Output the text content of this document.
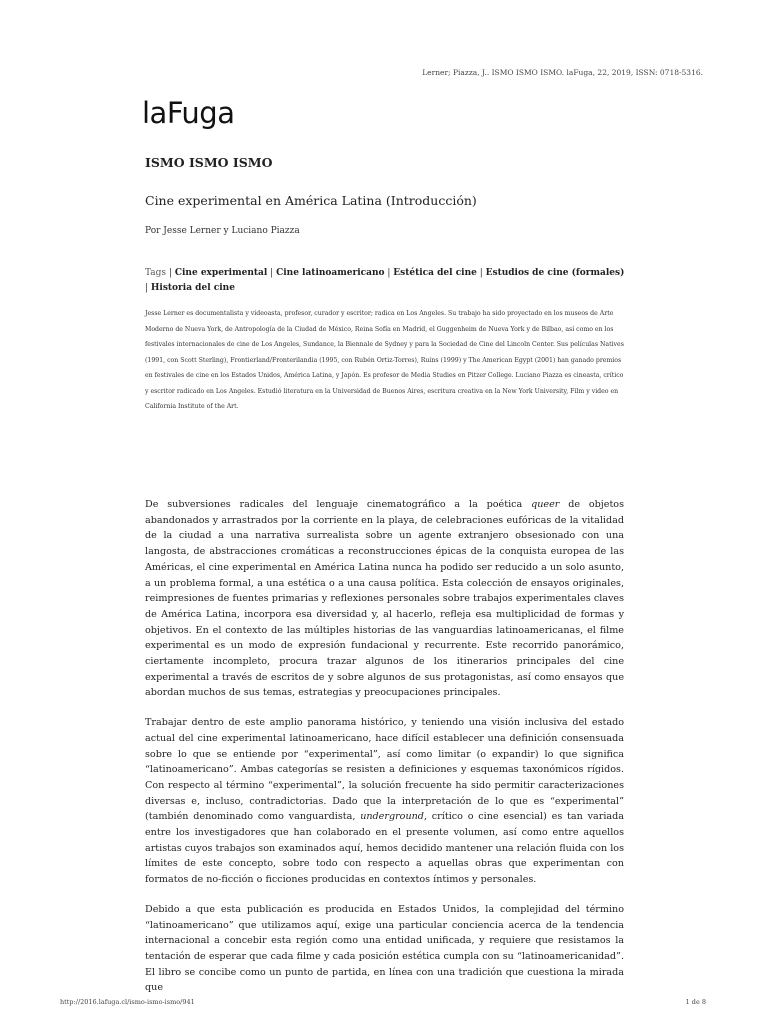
Lerner; Piazza, J.. ISMO ISMO ISMO. laFuga, 22, 2019, ISSN: 0718-5316.
laFuga
ISMO ISMO ISMO
Cine experimental en América Latina (Introducción)
Por Jesse Lerner y Luciano Piazza
Tags | Cine experimental | Cine latinoamericano | Estética del cine | Estudios de cine (formales) | Historia del cine
Jesse Lerner es documentalista y videoasta, profesor, curador y escritor; radica en Los Angeles. Su trabajo ha sido proyectado en los museos de Arte Moderno de Nueva York, de Antropología de la Ciudad de México, Reina Sofía en Madrid, el Guggenheim de Nueva York y de Bilbao, así como en los festivales internacionales de cine de Los Angeles, Sundance, la Biennale de Sydney y para la Sociedad de Cine del Lincoln Center. Sus películas Natives (1991, con Scott Sterling), Frontierland/Fronterilandia (1995, con Rubén Ortiz-Torres), Ruins (1999) y The American Egypt (2001) han ganado premios en festivales de cine en los Estados Unidos, América Latina, y Japón. Es profesor de Media Studies en Pitzer College. Luciano Piazza es cineasta, crítico y escritor radicado en Los Angeles. Estudió literatura en la Universidad de Buenos Aires, escritura creativa en la New York University, Film y video en California Institute of the Art.

De subversiones radicales del lenguaje cinematográfico a la poética queer de objetos abandonados y arrastrados por la corriente en la playa, de celebraciones eufóricas de la vitalidad de la ciudad a una narrativa surrealista sobre un agente extranjero obsesionado con una langosta, de abstracciones cromáticas a reconstrucciones épicas de la conquista europea de las Américas, el cine experimental en América Latina nunca ha podido ser reducido a un solo asunto, a un problema formal, a una estética o a una causa política. Esta colección de ensayos originales, reimpresiones de fuentes primarias y reflexiones personales sobre trabajos experimentales claves de América Latina, incorpora esa diversidad y, al hacerlo, refleja esa multiplicidad de formas y objetivos. En el contexto de las múltiples historias de las vanguardias latinoamericanas, el filme experimental es un modo de expresión fundacional y recurrente. Este recorrido panorámico, ciertamente incompleto, procura trazar algunos de los itinerarios principales del cine experimental a través de escritos de y sobre algunos de sus protagonistas, así como ensayos que abordan muchos de sus temas, estrategias y preocupaciones principales.

Trabajar dentro de este amplio panorama histórico, y teniendo una visión inclusiva del estado actual del cine experimental latinoamericano, hace difícil establecer una definición consensuada sobre lo que se entiende por “experimental”, así como limitar (o expandir) lo que significa “latinoamericano”. Ambas categorías se resisten a definiciones y esquemas taxonómicos rígidos. Con respecto al término “experimental”, la solución frecuente ha sido permitir caracterizaciones diversas e, incluso, contradictorias. Dado que la interpretación de lo que es “experimental” (también denominado como vanguardista, underground, crítico o cine esencial) es tan variada entre los investigadores que han colaborado en el presente volumen, así como entre aquellos artistas cuyos trabajos son examinados aquí, hemos decidido mantener una relación fluida con los límites de este concepto, sobre todo con respecto a aquellas obras que experimentan con formatos de no-ficción o ficciones producidas en contextos íntimos y personales.

Debido a que esta publicación es producida en Estados Unidos, la complejidad del término “latinoamericano” que utilizamos aquí, exige una particular conciencia acerca de la tendencia internacional a concebir esta región como una entidad unificada, y requiere que resistamos la tentación de esperar que cada filme y cada posición estética cumpla con su “latinoamericanidad”. El libro se concibe como un punto de partida, en línea con una tradición que cuestiona la mirada que

http://2016.lafuga.cl/ismo-ismo-ismo/941	1 de 8
